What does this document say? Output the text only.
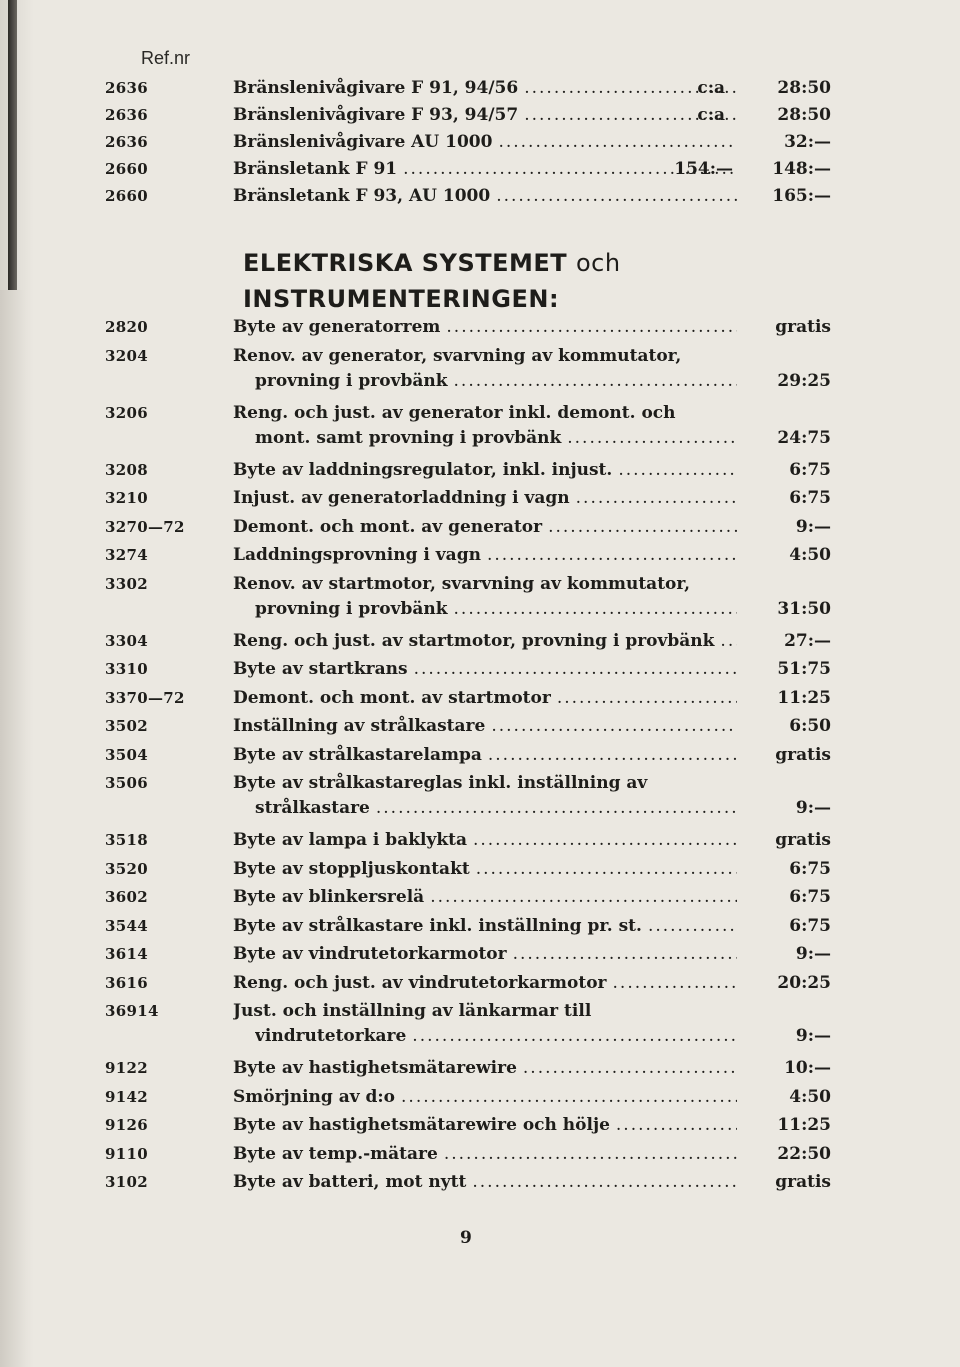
Ref.nr
2636	Bränslenivågivare F 91, 94/56 .....	c:a	28:50
2636	Bränslenivågivare F 93, 94/57 .....	c:a	28:50
2636	Bränslenivågivare AU 1000 .....	32:—
2660	Bränsletank F 91 .....	154:—	148:—
2660	Bränsletank F 93, AU 1000 .....	165:—
ELEKTRISKA SYSTEMET och
INSTRUMENTERINGEN:
2820	Byte av generatorrem .....	gratis
3204	Renov. av generator, svarvning av kommutator,
provning i provbänk .....	29:25
3206	Reng. och just. av generator inkl. demont. och
mont. samt provning i provbänk .....	24:75
3208	Byte av laddningsregulator, inkl. injust. .....	6:75
3210	Injust. av generatorladdning i vagn .....	6:75
3270—72	Demont. och mont. av generator .....	9:—
3274	Laddningsprovning i vagn .....	4:50
3302	Renov. av startmotor, svarvning av kommutator,
provning i provbänk .....	31:50
3304	Reng. och just. av startmotor, provning i provbänk .....	27:—
3310	Byte av startkrans .....	51:75
3370—72	Demont. och mont. av startmotor .....	11:25
3502	Inställning av strålkastare .....	6:50
3504	Byte av strålkastarelampa .....	gratis
3506	Byte av strålkastareglas inkl. inställning av
strålkastare .....	9:—
3518	Byte av lampa i baklykta .....	gratis
3520	Byte av stoppljuskontakt .....	6:75
3602	Byte av blinkersrelä .....	6:75
3544	Byte av strålkastare inkl. inställning pr. st. .....	6:75
3614	Byte av vindrutetorkarmotor .....	9:—
3616	Reng. och just. av vindrutetorkarmotor .....	20:25
36914	Just. och inställning av länkarmar till
vindrutetorkare .....	9:—
9122	Byte av hastighetsmätarewire .....	10:—
9142	Smörjning av d:o .....	4:50
9126	Byte av hastighetsmätarewire och hölje .....	11:25
9110	Byte av temp.-mätare .....	22:50
3102	Byte av batteri, mot nytt .....	gratis
9
